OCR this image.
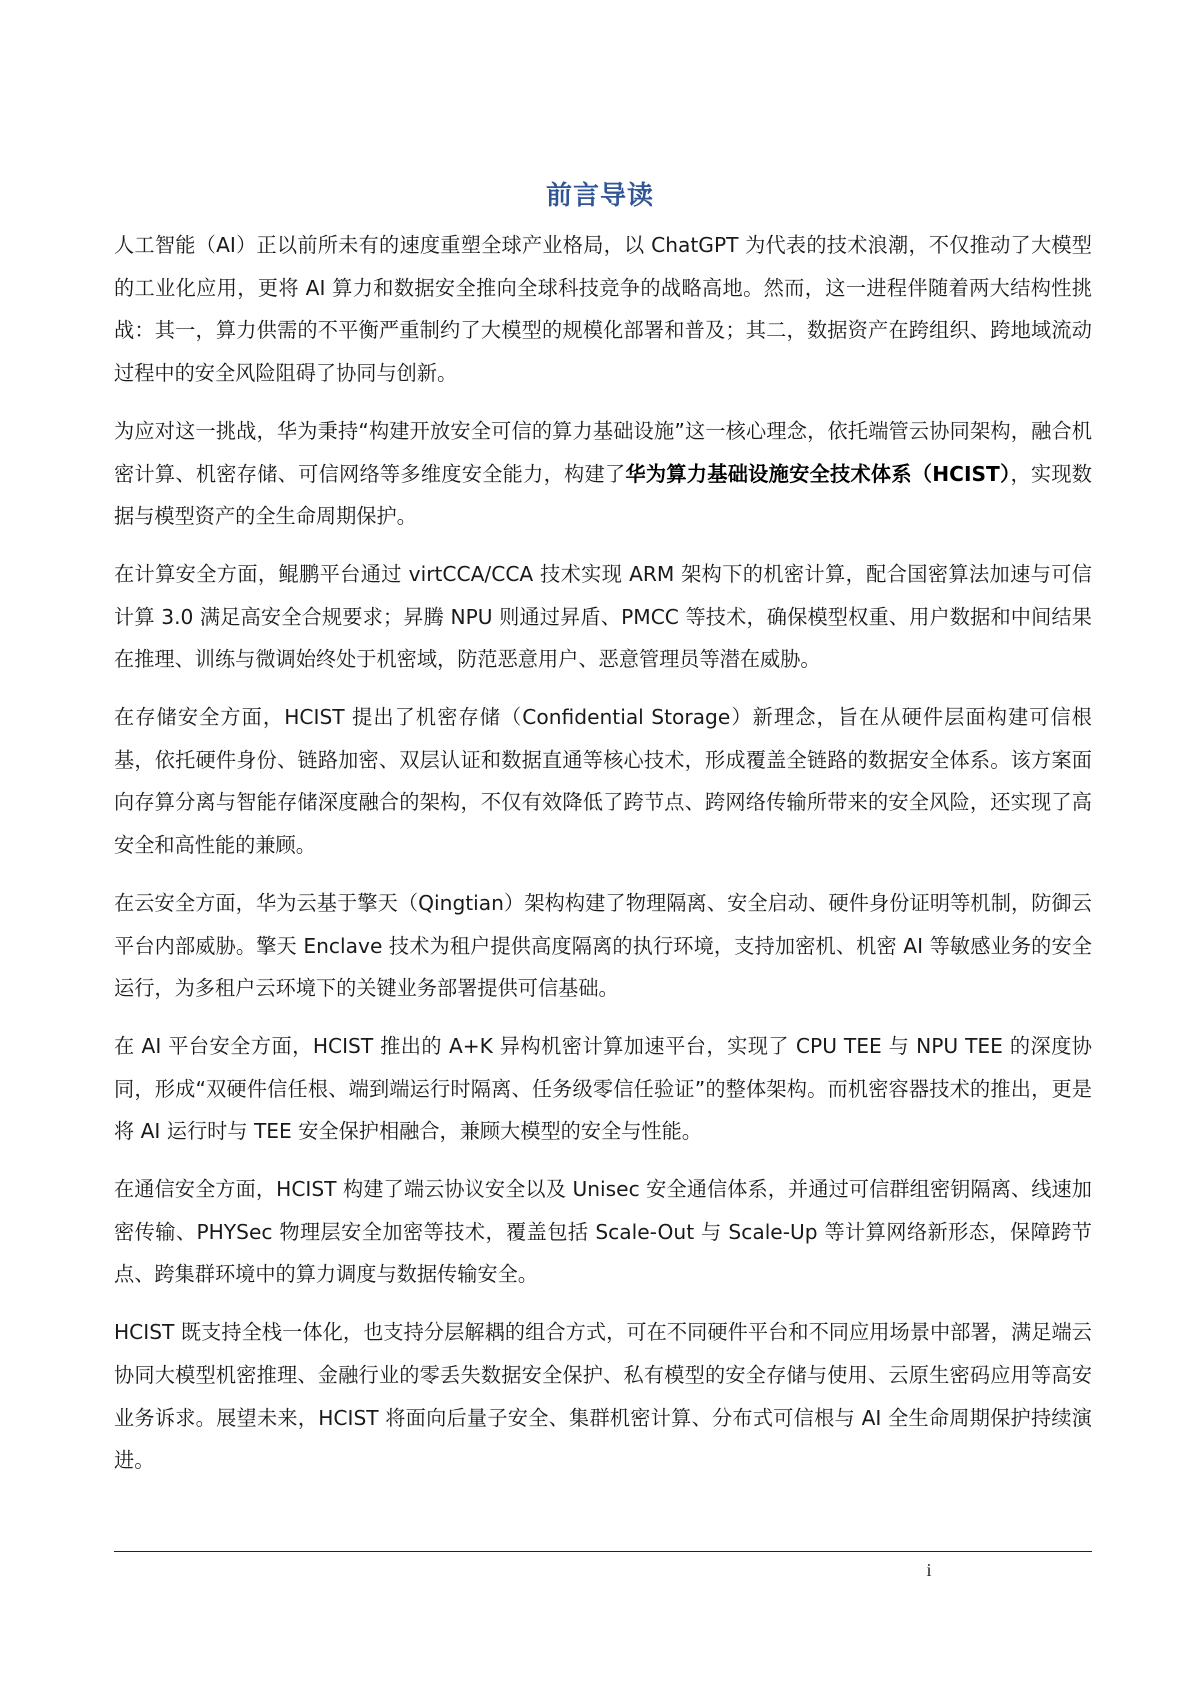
前言导读

人工智能（AI）正以前所未有的速度重塑全球产业格局，以 ChatGPT 为代表的技术浪潮，不仅推动了大模型的工业化应用，更将 AI 算力和数据安全推向全球科技竞争的战略高地。然而，这一进程伴随着两大结构性挑战：其一，算力供需的不平衡严重制约了大模型的规模化部署和普及；其二，数据资产在跨组织、跨地域流动过程中的安全风险阻碍了协同与创新。

为应对这一挑战，华为秉持“构建开放安全可信的算力基础设施”这一核心理念，依托端管云协同架构，融合机密计算、机密存储、可信网络等多维度安全能力，构建了华为算力基础设施安全技术体系（HCIST），实现数据与模型资产的全生命周期保护。

在计算安全方面，鲲鹏平台通过 virtCCA/CCA 技术实现 ARM 架构下的机密计算，配合国密算法加速与可信计算 3.0 满足高安全合规要求；昇腾 NPU 则通过昇盾、PMCC 等技术，确保模型权重、用户数据和中间结果在推理、训练与微调始终处于机密域，防范恶意用户、恶意管理员等潜在威胁。

在存储安全方面，HCIST 提出了机密存储（Confidential Storage）新理念，旨在从硬件层面构建可信根基，依托硬件身份、链路加密、双层认证和数据直通等核心技术，形成覆盖全链路的数据安全体系。该方案面向存算分离与智能存储深度融合的架构，不仅有效降低了跨节点、跨网络传输所带来的安全风险，还实现了高安全和高性能的兼顾。

在云安全方面，华为云基于擎天（Qingtian）架构构建了物理隔离、安全启动、硬件身份证明等机制，防御云平台内部威胁。擎天 Enclave 技术为租户提供高度隔离的执行环境，支持加密机、机密 AI 等敏感业务的安全运行，为多租户云环境下的关键业务部署提供可信基础。

在 AI 平台安全方面，HCIST 推出的 A+K 异构机密计算加速平台，实现了 CPU TEE 与 NPU TEE 的深度协同，形成“双硬件信任根、端到端运行时隔离、任务级零信任验证”的整体架构。而机密容器技术的推出，更是将 AI 运行时与 TEE 安全保护相融合，兼顾大模型的安全与性能。

在通信安全方面，HCIST 构建了端云协议安全以及 Unisec 安全通信体系，并通过可信群组密钥隔离、线速加密传输、PHYSec 物理层安全加密等技术，覆盖包括 Scale-Out 与 Scale-Up 等计算网络新形态，保障跨节点、跨集群环境中的算力调度与数据传输安全。

HCIST 既支持全栈一体化，也支持分层解耦的组合方式，可在不同硬件平台和不同应用场景中部署，满足端云协同大模型机密推理、金融行业的零丢失数据安全保护、私有模型的安全存储与使用、云原生密码应用等高安业务诉求。展望未来，HCIST 将面向后量子安全、集群机密计算、分布式可信根与 AI 全生命周期保护持续演进。

i
